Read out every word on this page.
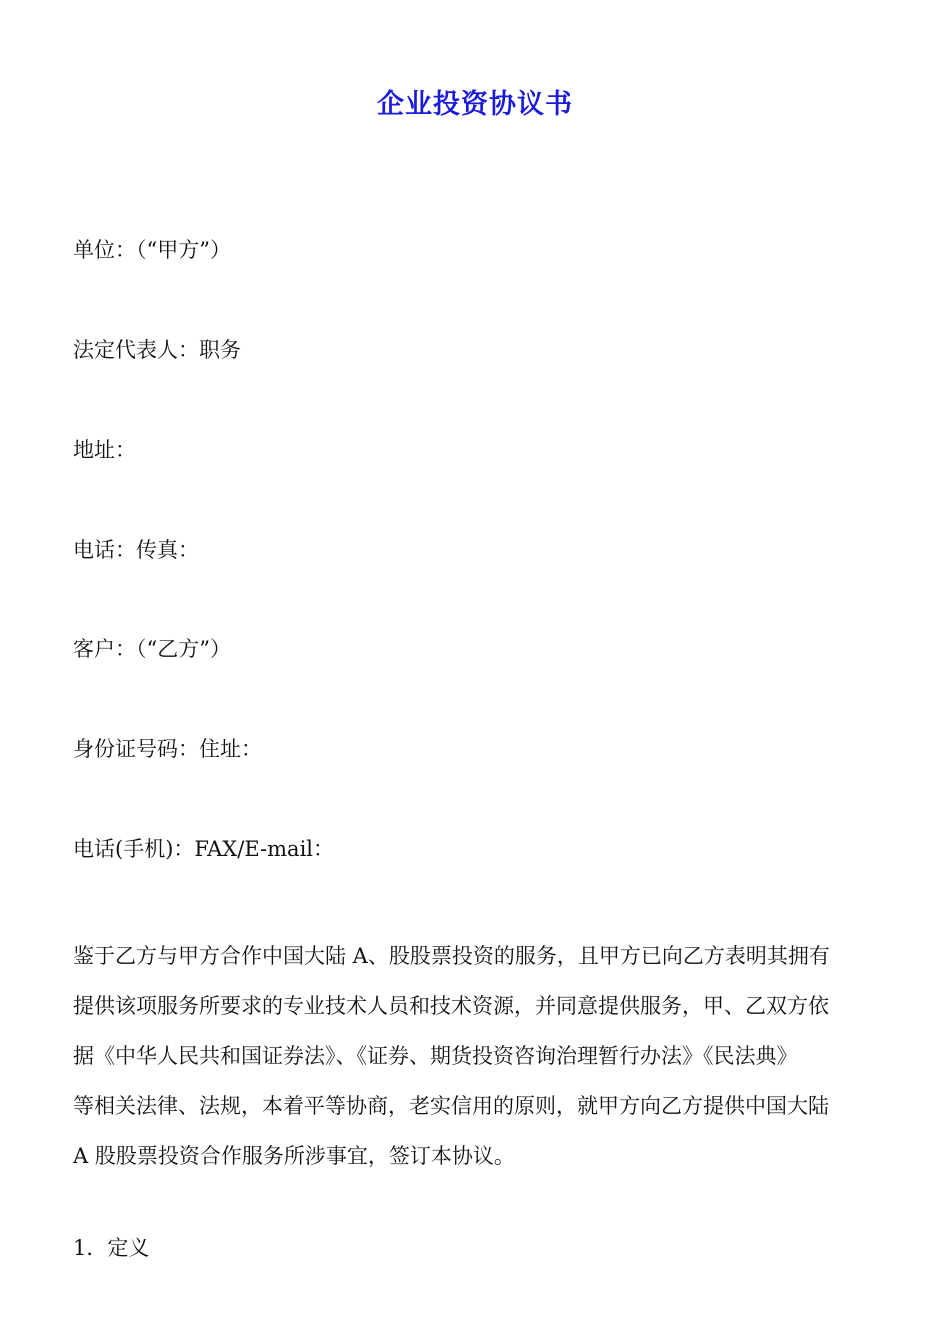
企业投资协议书

单位：（“甲方”）

法定代表人：职务

地址：

电话：传真：

客户：（“乙方”）

身份证号码：住址：

电话(手机)：FAX/E-mail：

鉴于乙方与甲方合作中国大陆 A、股股票投资的服务，且甲方已向乙方表明其拥有
提供该项服务所要求的专业技术人员和技术资源，并同意提供服务，甲、乙双方依
据《中华人民共和国证券法》、《证券、期货投资咨询治理暂行办法》《民法典》
等相关法律、法规，本着平等协商，老实信用的原则，就甲方向乙方提供中国大陆
A 股股票投资合作服务所涉事宜，签订本协议。

1．定义
